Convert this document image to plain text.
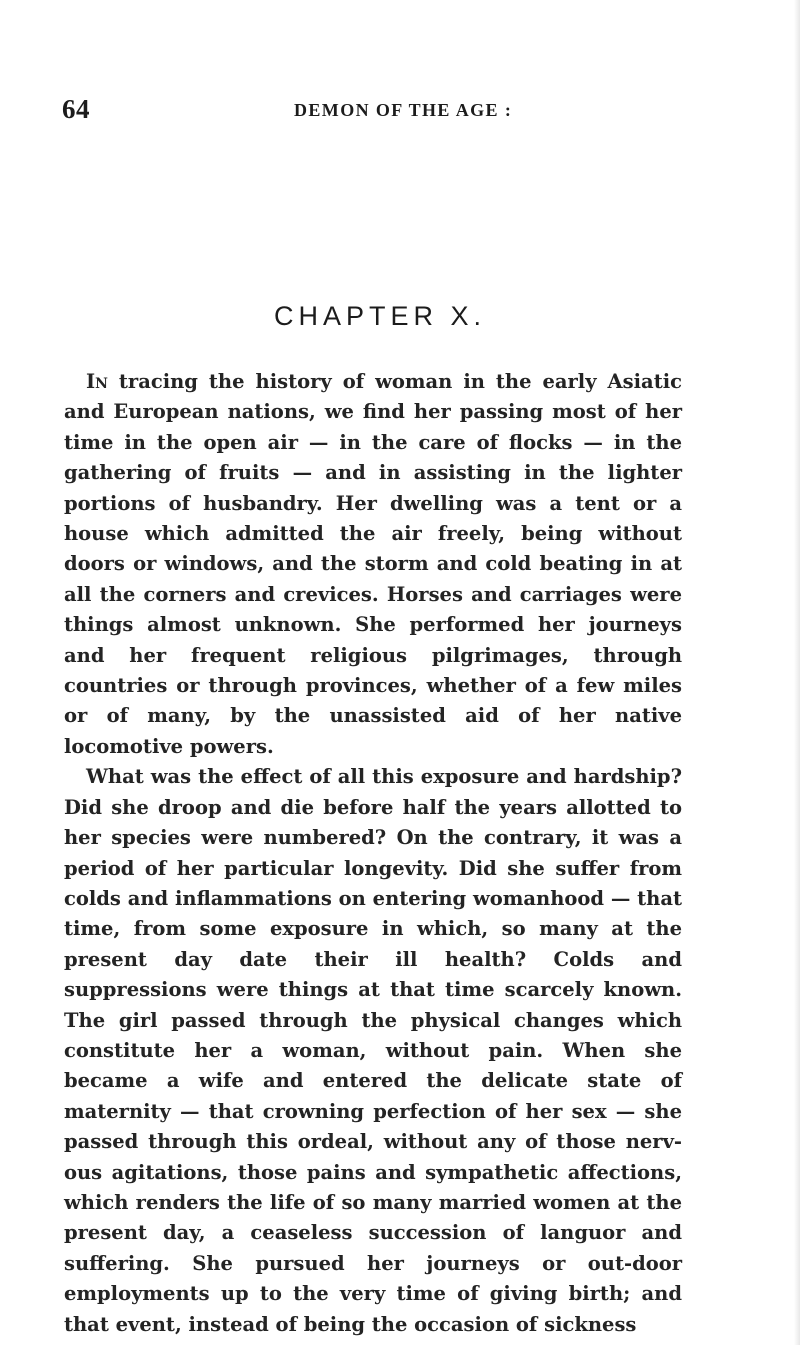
64	DEMON OF THE AGE :
CHAPTER X.

In tracing the history of woman in the early Asiatic and European nations, we find her passing most of her time in the open air — in the care of flocks — in the gathering of fruits — and in assisting in the lighter portions of husbandry. Her dwelling was a tent or a house which admitted the air freely, being without doors or windows, and the storm and cold beating in at all the corners and crevices. Horses and carriages were things almost unknown. She performed her journeys and her frequent religious pilgrimages, through countries or through provinces, whether of a few miles or of many, by the unassisted aid of her native locomotive powers.

What was the effect of all this exposure and hardship? Did she droop and die before half the years allotted to her species were numbered? On the contrary, it was a period of her particular longevity. Did she suffer from colds and inflammations on entering womanhood — that time, from some exposure in which, so many at the present day date their ill health? Colds and suppressions were things at that time scarcely known. The girl passed through the physical changes which constitute her a woman, without pain. When she became a wife and entered the delicate state of maternity — that crowning perfection of her sex — she passed through this ordeal, without any of those nervous agitations, those pains and sympathetic affections, which renders the life of so many married women at the present day, a ceaseless succession of languor and suffering. She pursued her journeys or out-door employments up to the very time of giving birth; and that event, instead of being the occasion of sickness
